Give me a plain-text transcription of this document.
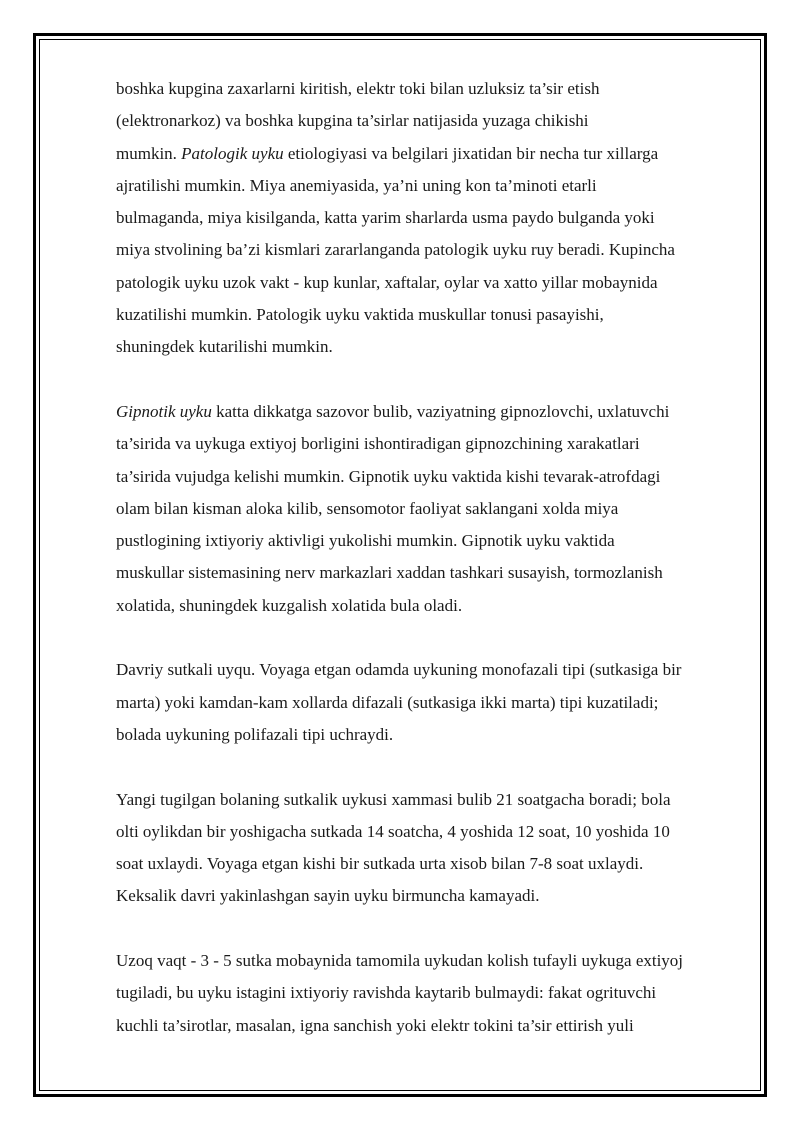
boshka kupgina zaxarlarni kiritish, elektr toki bilan uzluksiz ta’sir etish
(elektronarkoz) va boshka kupgina ta’sirlar natijasida yuzaga chikishi
mumkin. Patologik uyku etiologiyasi va belgilari jixatidan bir necha tur xillarga
ajratilishi mumkin. Miya anemiyasida, ya’ni uning kon ta’minoti etarli
bulmaganda, miya kisilganda, katta yarim sharlarda usma paydo bulganda yoki
miya stvolining ba’zi kismlari zararlanganda patologik uyku ruy beradi. Kupincha
patologik uyku uzok vakt - kup kunlar, xaftalar, oylar va xatto yillar mobaynida
kuzatilishi mumkin. Patologik uyku vaktida muskullar tonusi pasayishi,
shuningdek kutarilishi mumkin.
Gipnotik uyku katta dikkatga sazovor bulib, vaziyatning gipnozlovchi, uxlatuvchi
ta’sirida va uykuga extiyoj borligini ishontiradigan gipnozchining xarakatlari
ta’sirida vujudga kelishi mumkin. Gipnotik uyku vaktida kishi tevarak-atrofdagi
olam bilan kisman aloka kilib, sensomotor faoliyat saklangani xolda miya
pustlogining ixtiyoriy aktivligi yukolishi mumkin. Gipnotik uyku vaktida
muskullar sistemasining nerv markazlari xaddan tashkari susayish, tormozlanish
xolatida, shuningdek kuzgalish xolatida bula oladi.
Davriy sutkali uyqu. Voyaga etgan odamda uykuning monofazali tipi (sutkasiga bir
marta) yoki kamdan-kam xollarda difazali (sutkasiga ikki marta) tipi kuzatiladi;
bolada uykuning polifazali tipi uchraydi.
Yangi tugilgan bolaning sutkalik uykusi xammasi bulib 21 soatgacha boradi; bola
olti oylikdan bir yoshigacha sutkada 14 soatcha, 4 yoshida 12 soat, 10 yoshida 10
soat uxlaydi. Voyaga etgan kishi bir sutkada urta xisob bilan 7-8 soat uxlaydi.
Keksalik davri yakinlashgan sayin uyku birmuncha kamayadi.
Uzoq vaqt - 3 - 5 sutka mobaynida tamomila uykudan kolish tufayli uykuga extiyoj
tugiladi, bu uyku istagini ixtiyoriy ravishda kaytarib bulmaydi: fakat ogrituvchi
kuchli ta’sirotlar, masalan, igna sanchish yoki elektr tokini ta’sir ettirish yuli
